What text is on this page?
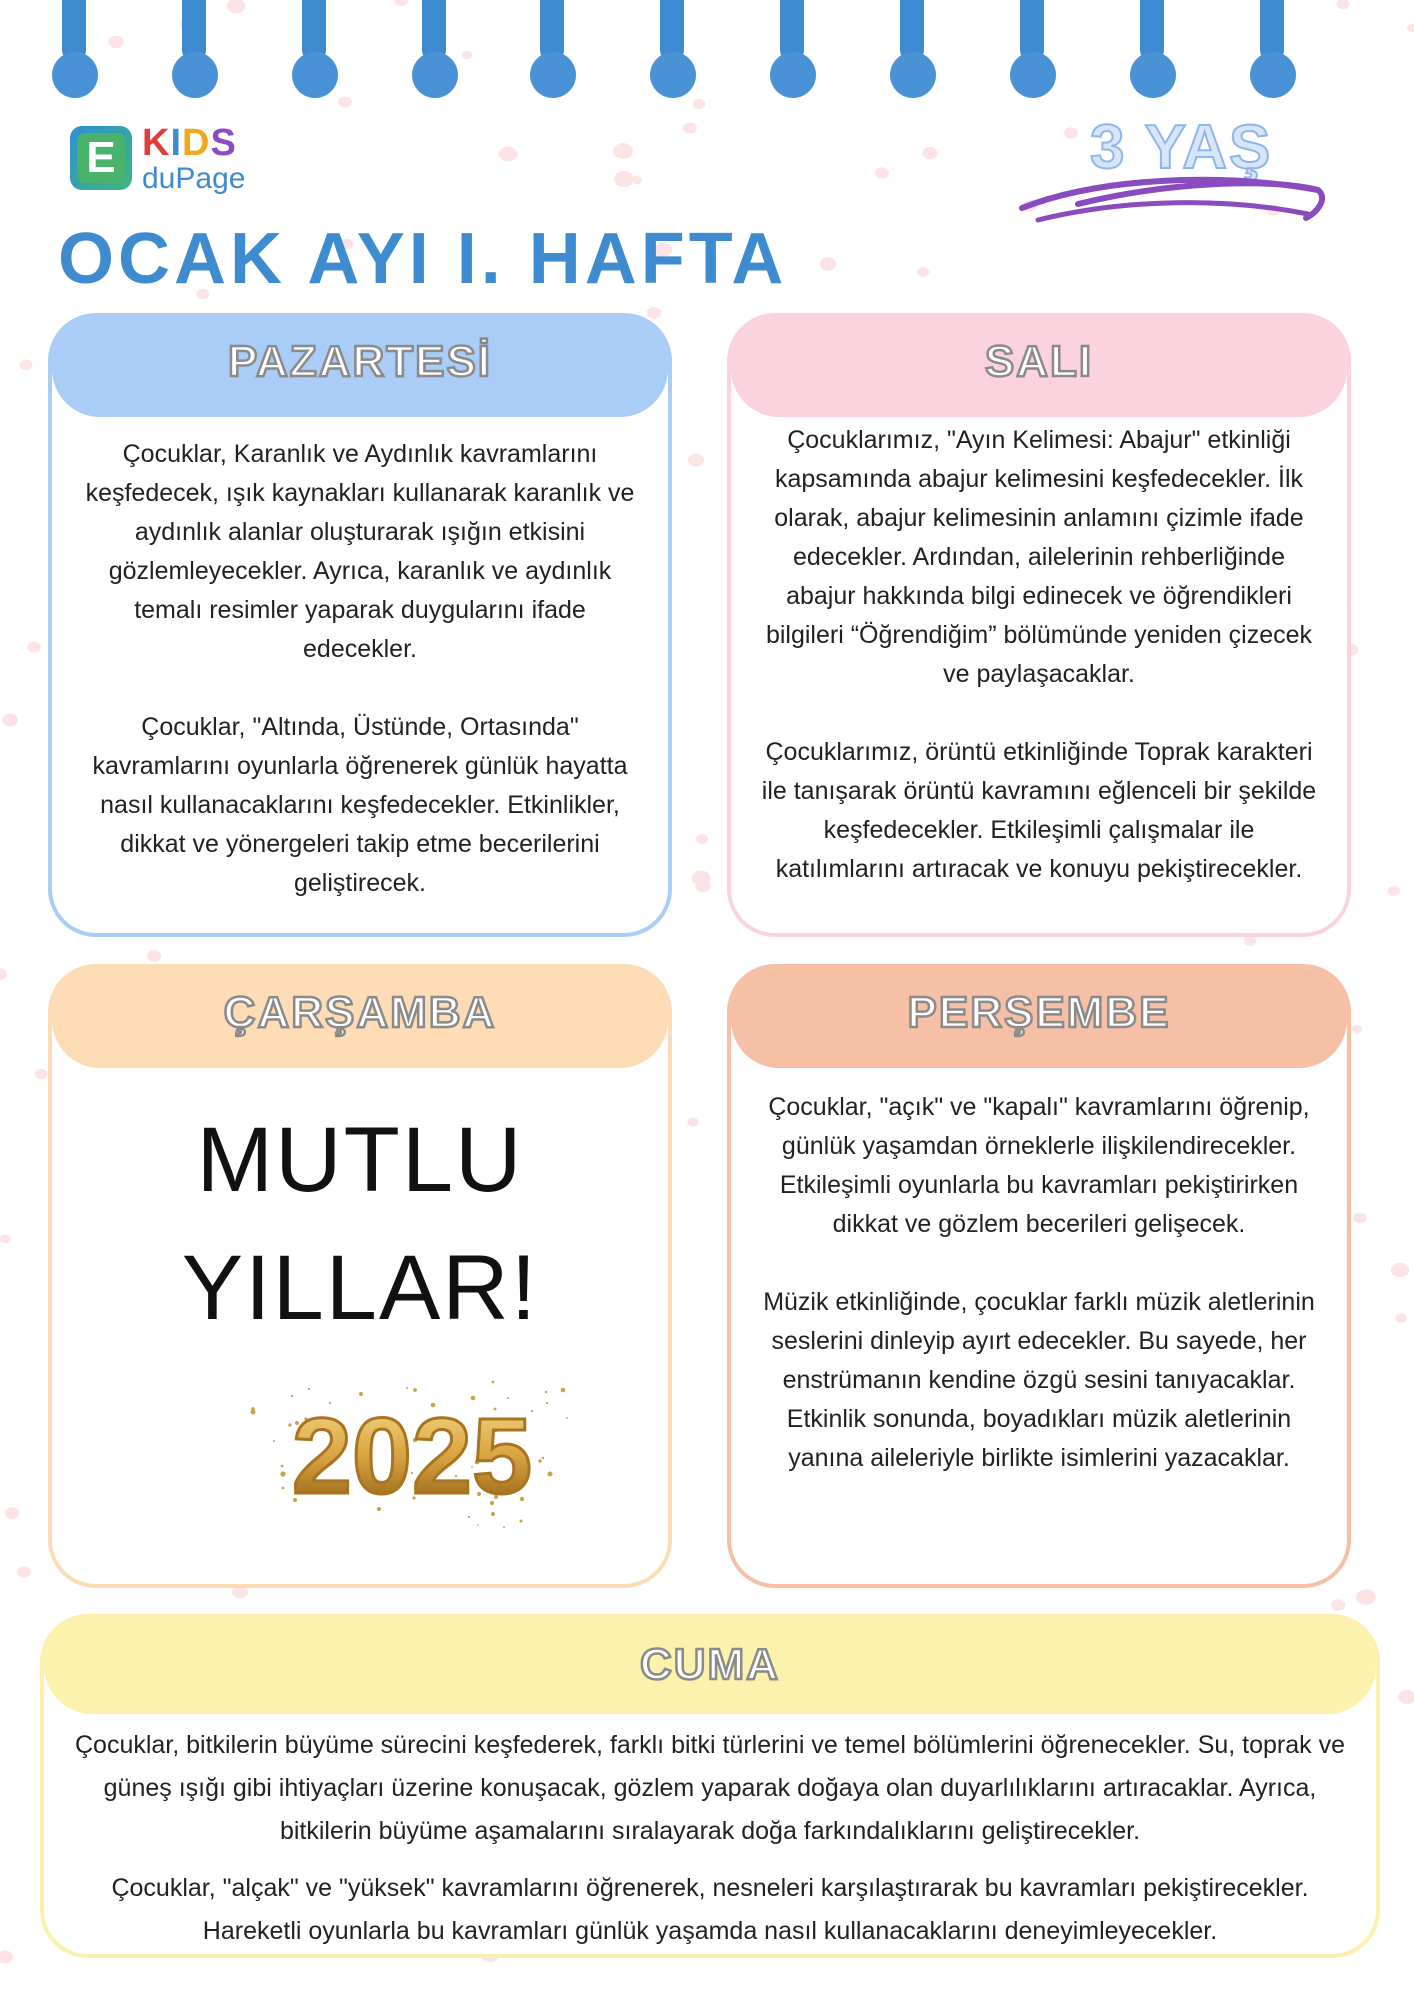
E KIDS
duPage	3 YAŞ
OCAK AYI I. HAFTA
PAZARTESİ

Çocuklar, Karanlık ve Aydınlık kavramlarını keşfedecek, ışık kaynakları kullanarak karanlık ve aydınlık alanlar oluşturarak ışığın etkisini gözlemleyecekler. Ayrıca, karanlık ve aydınlık temalı resimler yaparak duygularını ifade edecekler.

Çocuklar, "Altında, Üstünde, Ortasında" kavramlarını oyunlarla öğrenerek günlük hayatta nasıl kullanacaklarını keşfedecekler. Etkinlikler, dikkat ve yönergeleri takip etme becerilerini geliştirecek.

SALI

Çocuklarımız, "Ayın Kelimesi: Abajur" etkinliği kapsamında abajur kelimesini keşfedecekler. İlk olarak, abajur kelimesinin anlamını çizimle ifade edecekler. Ardından, ailelerinin rehberliğinde abajur hakkında bilgi edinecek ve öğrendikleri bilgileri “Öğrendiğim” bölümünde yeniden çizecek ve paylaşacaklar.

Çocuklarımız, örüntü etkinliğinde Toprak karakteri ile tanışarak örüntü kavramını eğlenceli bir şekilde keşfedecekler. Etkileşimli çalışmalar ile katılımlarını artıracak ve konuyu pekiştirecekler.

ÇARŞAMBA
MUTLU
YILLAR!
2025
PERŞEMBE

Çocuklar, "açık" ve "kapalı" kavramlarını öğrenip, günlük yaşamdan örneklerle ilişkilendirecekler. Etkileşimli oyunlarla bu kavramları pekiştirirken dikkat ve gözlem becerileri gelişecek.

Müzik etkinliğinde, çocuklar farklı müzik aletlerinin seslerini dinleyip ayırt edecekler. Bu sayede, her enstrümanın kendine özgü sesini tanıyacaklar. Etkinlik sonunda, boyadıkları müzik aletlerinin yanına aileleriyle birlikte isimlerini yazacaklar.

CUMA

Çocuklar, bitkilerin büyüme sürecini keşfederek, farklı bitki türlerini ve temel bölümlerini öğrenecekler. Su, toprak ve güneş ışığı gibi ihtiyaçları üzerine konuşacak, gözlem yaparak doğaya olan duyarlılıklarını artıracaklar. Ayrıca, bitkilerin büyüme aşamalarını sıralayarak doğa farkındalıklarını geliştirecekler.

Çocuklar, "alçak" ve "yüksek" kavramlarını öğrenerek, nesneleri karşılaştırarak bu kavramları pekiştirecekler. Hareketli oyunlarla bu kavramları günlük yaşamda nasıl kullanacaklarını deneyimleyecekler.
